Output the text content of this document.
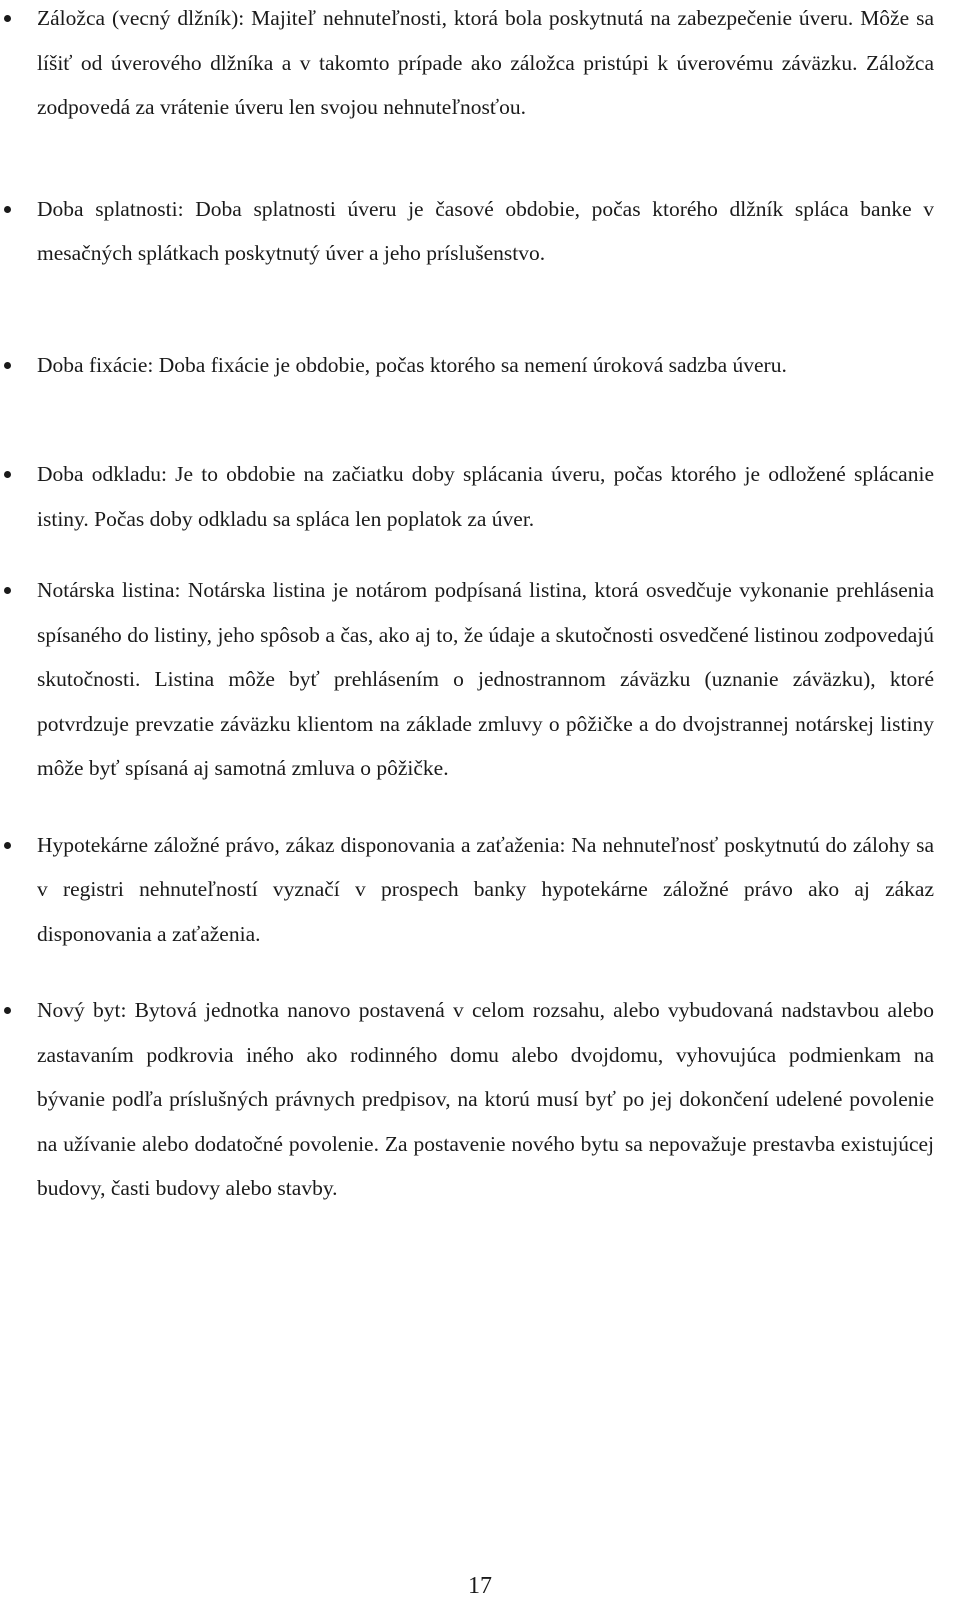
Záložca (vecný dlžník): Majiteľ nehnuteľnosti, ktorá bola poskytnutá na zabezpečenie úveru. Môže sa líšiť od úverového dlžníka a v takomto prípade ako záložca pristúpi k úverovému záväzku. Záložca zodpovedá za vrátenie úveru len svojou nehnuteľnosťou.
Doba splatnosti: Doba splatnosti úveru je časové obdobie, počas ktorého dlžník spláca banke v mesačných splátkach poskytnutý úver a jeho príslušenstvo.
Doba fixácie: Doba fixácie je obdobie, počas ktorého sa nemení úroková sadzba úveru.
Doba odkladu: Je to obdobie na začiatku doby splácania úveru, počas ktorého je odložené splácanie istiny. Počas doby odkladu sa spláca len poplatok za úver.
Notárska listina: Notárska listina je notárom podpísaná listina, ktorá osvedčuje vykonanie prehlásenia spísaného do listiny, jeho spôsob a čas, ako aj to, že údaje a skutočnosti osvedčené listinou zodpovedajú skutočnosti. Listina môže byť prehlásením o jednostrannom záväzku (uznanie záväzku), ktoré potvrdzuje prevzatie záväzku klientom na základe zmluvy o pôžičke a do dvojstrannej notárskej listiny môže byť spísaná aj samotná zmluva o pôžičke.
Hypotekárne záložné právo, zákaz disponovania a zaťaženia: Na nehnuteľnosť poskytnutú do zálohy sa v registri nehnuteľností vyznačí v prospech banky hypotekárne záložné právo ako aj zákaz disponovania a zaťaženia.
Nový byt: Bytová jednotka nanovo postavená v celom rozsahu, alebo vybudovaná nadstavbou alebo zastavaním podkrovia iného ako rodinného domu alebo dvojdomu, vyhovujúca podmienkam na bývanie podľa príslušných právnych predpisov, na ktorú musí byť po jej dokončení udelené povolenie na užívanie alebo dodatočné povolenie. Za postavenie nového bytu sa nepovažuje prestavba existujúcej budovy, časti budovy alebo stavby.
17
